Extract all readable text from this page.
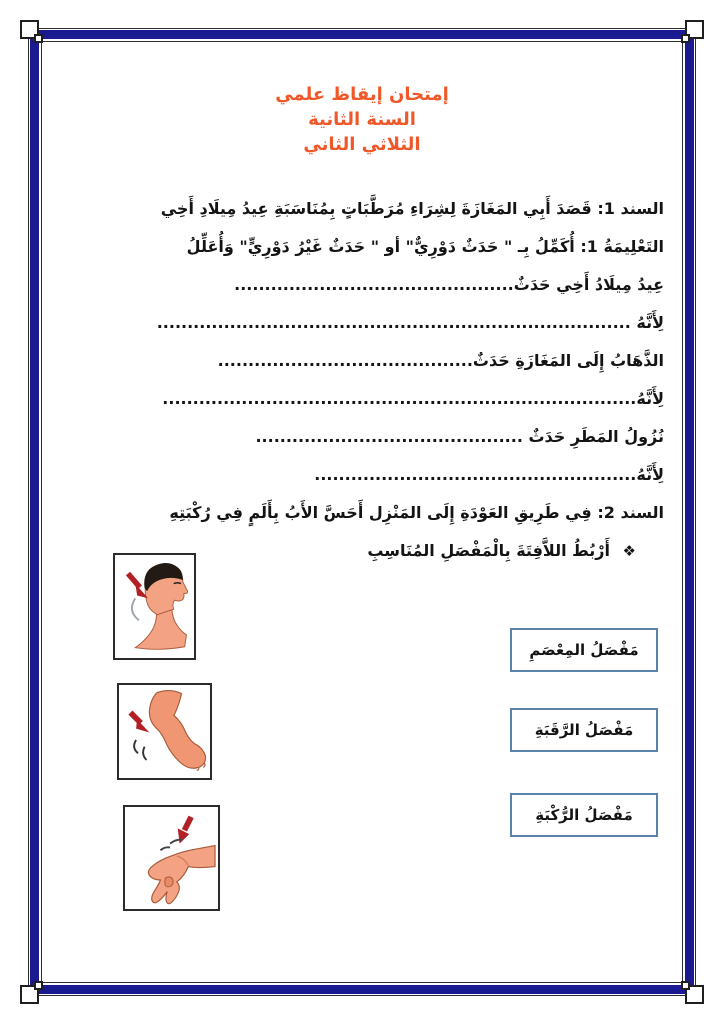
إمتحان إيقاظ علمي
السنة الثانية
الثلاثي الثاني

السند 1: قَصَدَ أَبِي المَغَازَةَ لِشِرَاءِ مُرَطَّبَاتٍ بِمُنَاسَبَةِ عِيدُ مِيلَادِ أَخِي

التَعْلِيمَةُ 1: أُكَمِّلُ بِـ " حَدَثٌ دَوْرِيٌّ" أو " حَدَثٌ غَيْرُ دَوْرِيٍّ" وَأُعَلِّلُ

عِيدُ مِيلَادُ أَخِي حَدَثٌ..............................................

لِأَنَّهُ ..............................................................................

الذَّهَابُ إِلَى المَغَازَةِ حَدَثٌ..........................................

لِأَنَّهُ..............................................................................

نُزُولُ المَطَرِ حَدَثٌ ............................................

لِأَنَّهُ.....................................................

السند 2: فِي طَرِيقِ العَوْدَةِ إِلَى المَنْزِل أَحَسَّ الأَبُ بِأَلَمٍ فِي رُكْبَتِهِ

❖ أَرْبُطُ اللاَّفِتَةَ بِالْمَفْصَلِ المُنَاسِبِ

مَفْصَلُ المِعْصَمِ
مَفْصَلُ الرَّقَبَةِ
مَفْصَلُ الرُّكْبَةِ
